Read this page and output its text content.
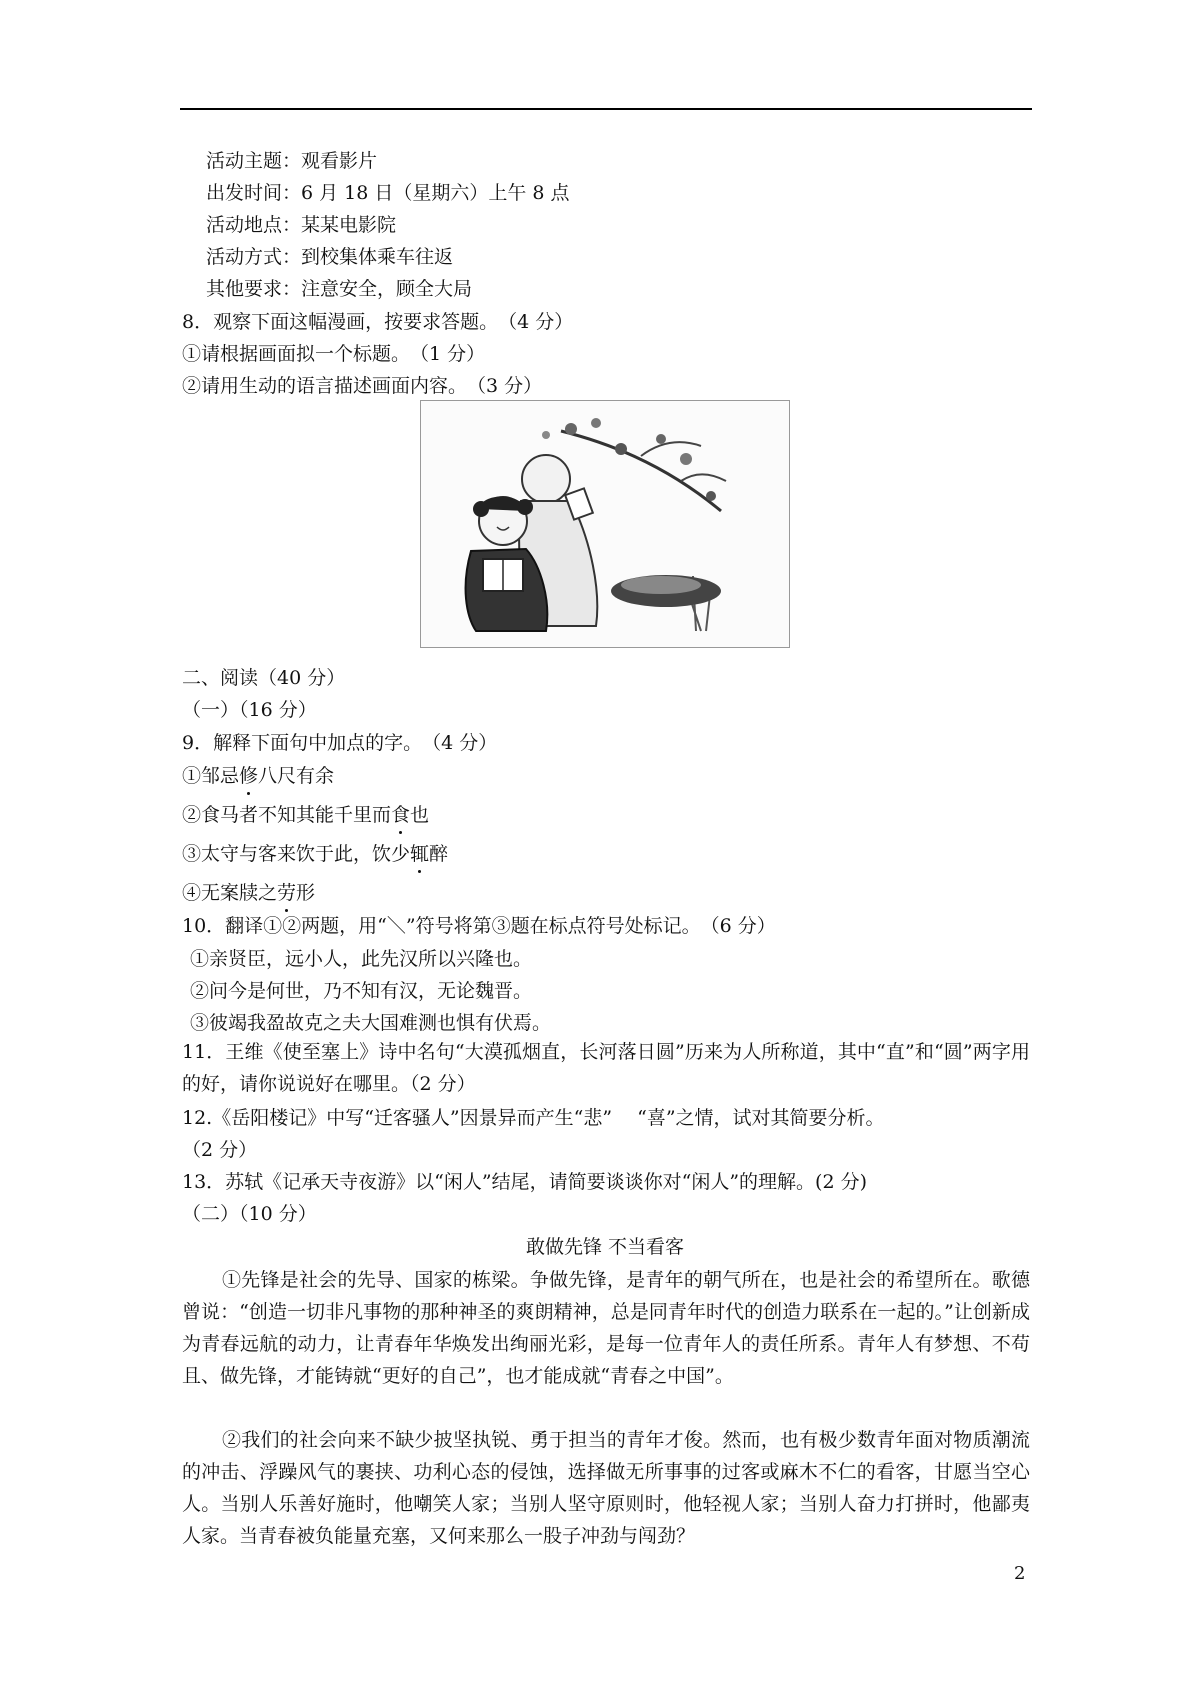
活动主题：观看影片
出发时间：6 月 18 日（星期六）上午 8 点
活动地点：某某电影院
活动方式：到校集体乘车往返
其他要求：注意安全，顾全大局
8．观察下面这幅漫画，按要求答题。　（4 分）
①请根据画面拟一个标题。　（1 分）
②请用生动的语言描述画面内容。　（3 分）
二、阅读（40 分）
（一）（16 分）
9．解释下面句中加点的字。　（4 分）
①邹忌修八尺有余
②食马者不知其能千里而食也
③太守与客来饮于此，饮少辄醉
④无案牍之劳形
10．翻译①②两题，用“＼”符号将第③题在标点符号处标记。　（6 分）
①亲贤臣，远小人，此先汉所以兴隆也。
②问今是何世，乃不知有汉，无论魏晋。
③彼竭我盈故克之夫大国难测也惧有伏焉。

11．王维《使至塞上》诗中名句“大漠孤烟直，长河落日圆”历来为人所称道，其中“直”和“圆”两字用的好，请你说说好在哪里。（2 分）

12.《岳阳楼记》中写“迁客骚人”因景异而产生“悲”　 “喜”之情，试对其简要分析。
（2 分）
13．苏轼《记承天寺夜游》以“闲人”结尾，请简要谈谈你对“闲人”的理解。(2 分)
（二）（10 分）
敢做先锋 不当看客

①先锋是社会的先导、国家的栋梁。争做先锋，是青年的朝气所在，也是社会的希望所在。歌德曾说：“创造一切非凡事物的那种神圣的爽朗精神，总是同青年时代的创造力联系在一起的。”让创新成为青春远航的动力，让青春年华焕发出绚丽光彩，是每一位青年人的责任所系。青年人有梦想、不苟且、做先锋，才能铸就“更好的自己”，也才能成就“青春之中国”。

②我们的社会向来不缺少披坚执锐、勇于担当的青年才俊。然而，也有极少数青年面对物质潮流的冲击、浮躁风气的裹挟、功利心态的侵蚀，选择做无所事事的过客或麻木不仁的看客，甘愿当空心人。当别人乐善好施时，他嘲笑人家；当别人坚守原则时，他轻视人家；当别人奋力打拼时，他鄙夷人家。当青春被负能量充塞，又何来那么一股子冲劲与闯劲？

2
